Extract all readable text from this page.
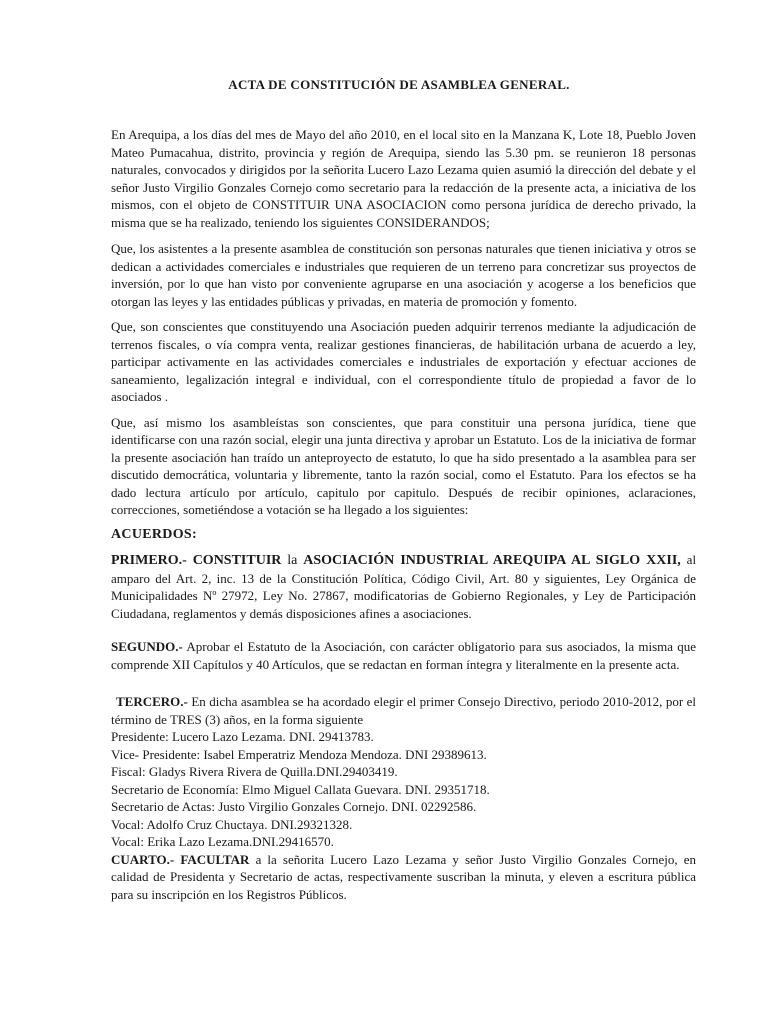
ACTA DE CONSTITUCIÓN DE ASAMBLEA GENERAL.

En Arequipa, a los días del mes de Mayo del año 2010, en el local sito en la Manzana K, Lote 18, Pueblo Joven Mateo Pumacahua, distrito, provincia y región de Arequipa, siendo las 5.30 pm. se reunieron 18 personas naturales, convocados y dirigidos por la señorita Lucero Lazo Lezama quien asumió la dirección del debate y el señor Justo Virgilio Gonzales Cornejo como secretario para la redacción de la presente acta, a iniciativa de los mismos, con el objeto de CONSTITUIR UNA ASOCIACION como persona jurídica de derecho privado, la misma que se ha realizado, teniendo los siguientes CONSIDERANDOS;

Que, los asistentes a la presente asamblea de constitución son personas naturales que tienen iniciativa y otros se dedican a actividades comerciales e industriales que requieren de un terreno para concretizar sus proyectos de inversión, por lo que han visto por conveniente agruparse en una asociación y acogerse a los beneficios que otorgan las leyes y las entidades públicas y privadas, en materia de promoción y fomento.

Que, son conscientes que constituyendo una Asociación pueden adquirir terrenos mediante la adjudicación de terrenos fiscales, o vía compra venta, realizar gestiones financieras, de habilitación urbana de acuerdo a ley, participar activamente en las actividades comerciales e industriales de exportación y efectuar acciones de saneamiento, legalización integral e individual, con el correspondiente título de propiedad a favor de lo asociados .

Que, así mismo los asambleístas son conscientes, que para constituir una persona jurídica, tiene que identificarse con una razón social, elegir una junta directiva y aprobar un Estatuto. Los de la iniciativa de formar la presente asociación han traído un anteproyecto de estatuto, lo que ha sido presentado a la asamblea para ser discutido democrática, voluntaria y libremente, tanto la razón social, como el Estatuto. Para los efectos se ha dado lectura artículo por artículo, capitulo por capitulo. Después de recibir opiniones, aclaraciones, correcciones, sometiéndose a votación se ha llegado a los siguientes:

ACUERDOS:

PRIMERO.- CONSTITUIR la ASOCIACIÓN INDUSTRIAL AREQUIPA AL SIGLO XXII, al amparo del Art. 2, inc. 13 de la Constitución Política, Código Civil, Art. 80 y siguientes, Ley Orgánica de Municipalidades Nº 27972, Ley No. 27867, modificatorias de Gobierno Regionales, y Ley de Participación Ciudadana, reglamentos y demás disposiciones afines a asociaciones.

SEGUNDO.- Aprobar el Estatuto de la Asociación, con carácter obligatorio para sus asociados, la misma que comprende XII Capítulos y 40 Artículos, que se redactan en forman íntegra y literalmente en la presente acta.

TERCERO.- En dicha asamblea se ha acordado elegir el primer Consejo Directivo, periodo 2010-2012, por el término de TRES (3) años, en la forma siguiente

Presidente: Lucero Lazo Lezama. DNI. 29413783.
Vice- Presidente: Isabel Emperatriz Mendoza Mendoza. DNI 29389613.
Fiscal: Gladys Rivera Rivera de Quilla.DNI.29403419.
Secretario de Economía: Elmo Miguel Callata Guevara. DNI. 29351718.
Secretario de Actas: Justo Virgilio Gonzales Cornejo. DNI. 02292586.
Vocal: Adolfo Cruz Chuctaya. DNI.29321328.
Vocal: Erika Lazo Lezama.DNI.29416570.

CUARTO.- FACULTAR a la señorita Lucero Lazo Lezama y señor Justo Virgilio Gonzales Cornejo, en calidad de Presidenta y Secretario de actas, respectivamente suscriban la minuta, y eleven a escritura pública para su inscripción en los Registros Públicos.
